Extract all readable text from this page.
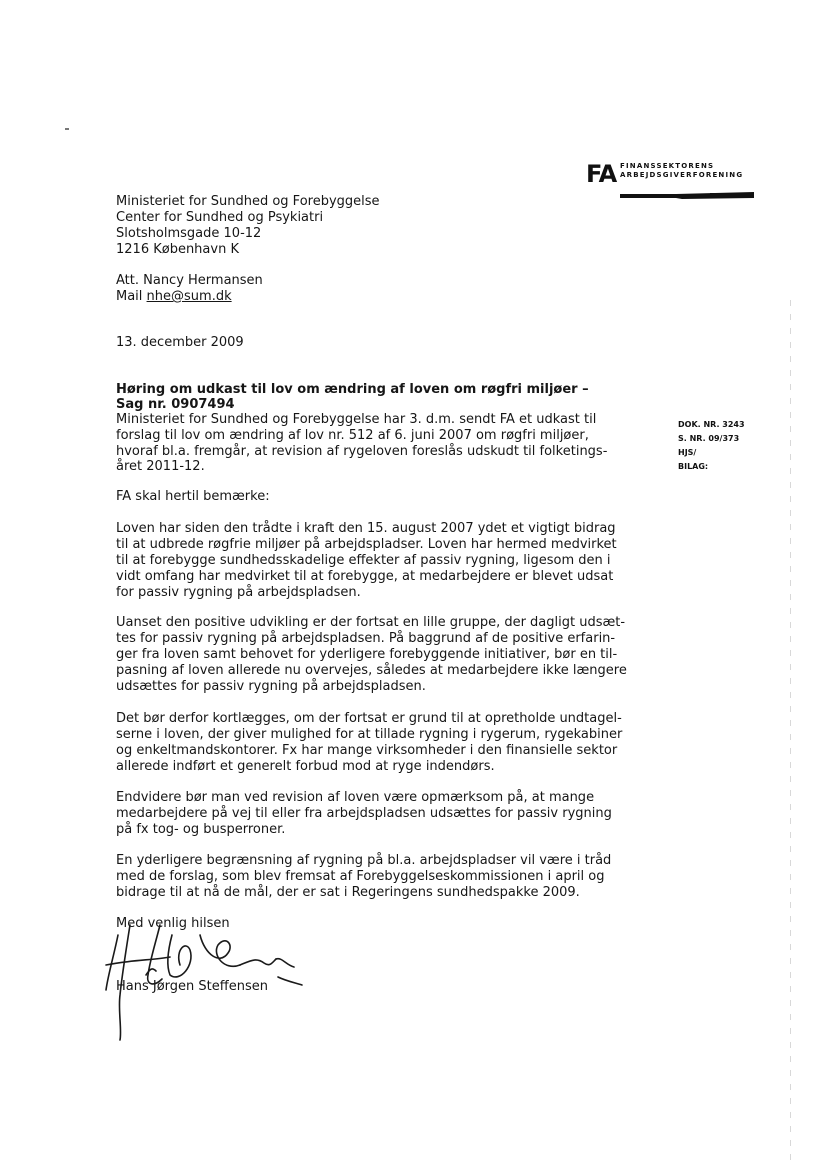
FA FINANSSEKTORENS
ARBEJDSGIVERFORENING
Ministeriet for Sundhed og Forebyggelse
Center for Sundhed og Psykiatri
Slotsholmsgade 10-12
1216 København K
Att. Nancy Hermansen
Mail nhe@sum.dk
13. december 2009
DOK. NR. 3243
S. NR. 09/373
HJS/
BILAG:
Høring om udkast til lov om ændring af loven om røgfri miljøer –
Sag nr. 0907494
Ministeriet for Sundhed og Forebyggelse har 3. d.m. sendt FA et udkast til
forslag til lov om ændring af lov nr. 512 af 6. juni 2007 om røgfri miljøer,
hvoraf bl.a. fremgår, at revision af rygeloven foreslås udskudt til folketings-
året 2011-12.
FA skal hertil bemærke:
Loven har siden den trådte i kraft den 15. august 2007 ydet et vigtigt bidrag
til at udbrede røgfrie miljøer på arbejdspladser. Loven har hermed medvirket
til at forebygge sundhedsskadelige effekter af passiv rygning, ligesom den i
vidt omfang har medvirket til at forebygge, at medarbejdere er blevet udsat
for passiv rygning på arbejdspladsen.
Uanset den positive udvikling er der fortsat en lille gruppe, der dagligt udsæt-
tes for passiv rygning på arbejdspladsen. På baggrund af de positive erfarin-
ger fra loven samt behovet for yderligere forebyggende initiativer, bør en til-
pasning af loven allerede nu overvejes, således at medarbejdere ikke længere
udsættes for passiv rygning på arbejdspladsen.
Det bør derfor kortlægges, om der fortsat er grund til at opretholde undtagel-
serne i loven, der giver mulighed for at tillade rygning i rygerum, rygekabiner
og enkeltmandskontorer. Fx har mange virksomheder i den finansielle sektor
allerede indført et generelt forbud mod at ryge indendørs.
Endvidere bør man ved revision af loven være opmærksom på, at mange
medarbejdere på vej til eller fra arbejdspladsen udsættes for passiv rygning
på fx tog- og busperroner.
En yderligere begrænsning af rygning på bl.a. arbejdspladser vil være i tråd
med de forslag, som blev fremsat af Forebyggelseskommissionen i april og
bidrage til at nå de mål, der er sat i Regeringens sundhedspakke 2009.
Med venlig hilsen
Hans Jørgen Steffensen
